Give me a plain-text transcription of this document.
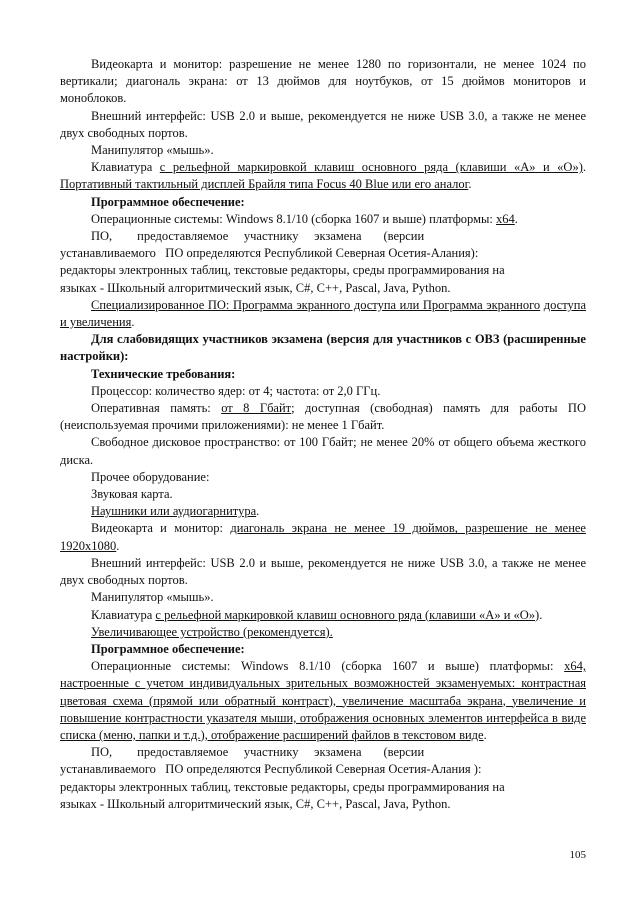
Видеокарта и монитор: разрешение не менее 1280 по горизонтали, не менее 1024 по вертикали; диагональ экрана: от 13 дюймов для ноутбуков, от 15 дюймов мониторов и моноблоков.

Внешний интерфейс: USB 2.0 и выше, рекомендуется не ниже USB 3.0, а также не менее двух свободных портов.

Манипулятор «мышь».

Клавиатура с рельефной маркировкой клавиш основного ряда (клавиши «А» и «О»). Портативный тактильный дисплей Брайля типа Focus 40 Blue или его аналог.

Программное обеспечение:

Операционные системы: Windows 8.1/10 (сборка 1607 и выше) платформы: x64.

ПО,        предоставляемое     участнику     экзамена       (версии

устанавливаемого   ПО определяются Республикой Северная Осетия-Алания):

редакторы электронных таблиц, текстовые редакторы, среды программирования на

языках - Школьный алгоритмический язык, C#, C++, Pascal, Java, Python.

Специализированное ПО: Программа экранного доступа или Программа экранного доступа и увеличения.

Для слабовидящих участников экзамена (версия для участников с ОВЗ (расширенные настройки):

Технические требования:

Процессор: количество ядер: от 4; частота: от 2,0 ГГц.

Оперативная память: от 8 Гбайт; доступная (свободная) память для работы ПО (неиспользуемая прочими приложениями): не менее 1 Гбайт.

Свободное дисковое пространство: от 100 Гбайт; не менее 20% от общего объема жесткого диска.

Прочее оборудование:

Звуковая карта.

Наушники или аудиогарнитура.

Видеокарта и монитор: диагональ экрана не менее 19 дюймов, разрешение не менее 1920x1080.

Внешний интерфейс: USB 2.0 и выше, рекомендуется не ниже USB 3.0, а также не менее двух свободных портов.

Манипулятор «мышь».

Клавиатура с рельефной маркировкой клавиш основного ряда (клавиши «А» и «О»).

Увеличивающее устройство (рекомендуется).

Программное обеспечение:

Операционные системы: Windows 8.1/10 (сборка 1607 и выше) платформы: x64, настроенные с учетом индивидуальных зрительных возможностей экзаменуемых: контрастная цветовая схема (прямой или обратный контраст), увеличение масштаба экрана, увеличение и повышение контрастности указателя мыши, отображения основных элементов интерфейса в виде списка (меню, папки и т.д.), отображение расширений файлов в текстовом виде.

ПО,        предоставляемое     участнику     экзамена       (версии

устанавливаемого   ПО определяются Республикой Северная Осетия-Алания ):

редакторы электронных таблиц, текстовые редакторы, среды программирования на

языках - Школьный алгоритмический язык, C#, C++, Pascal, Java, Python.

105
